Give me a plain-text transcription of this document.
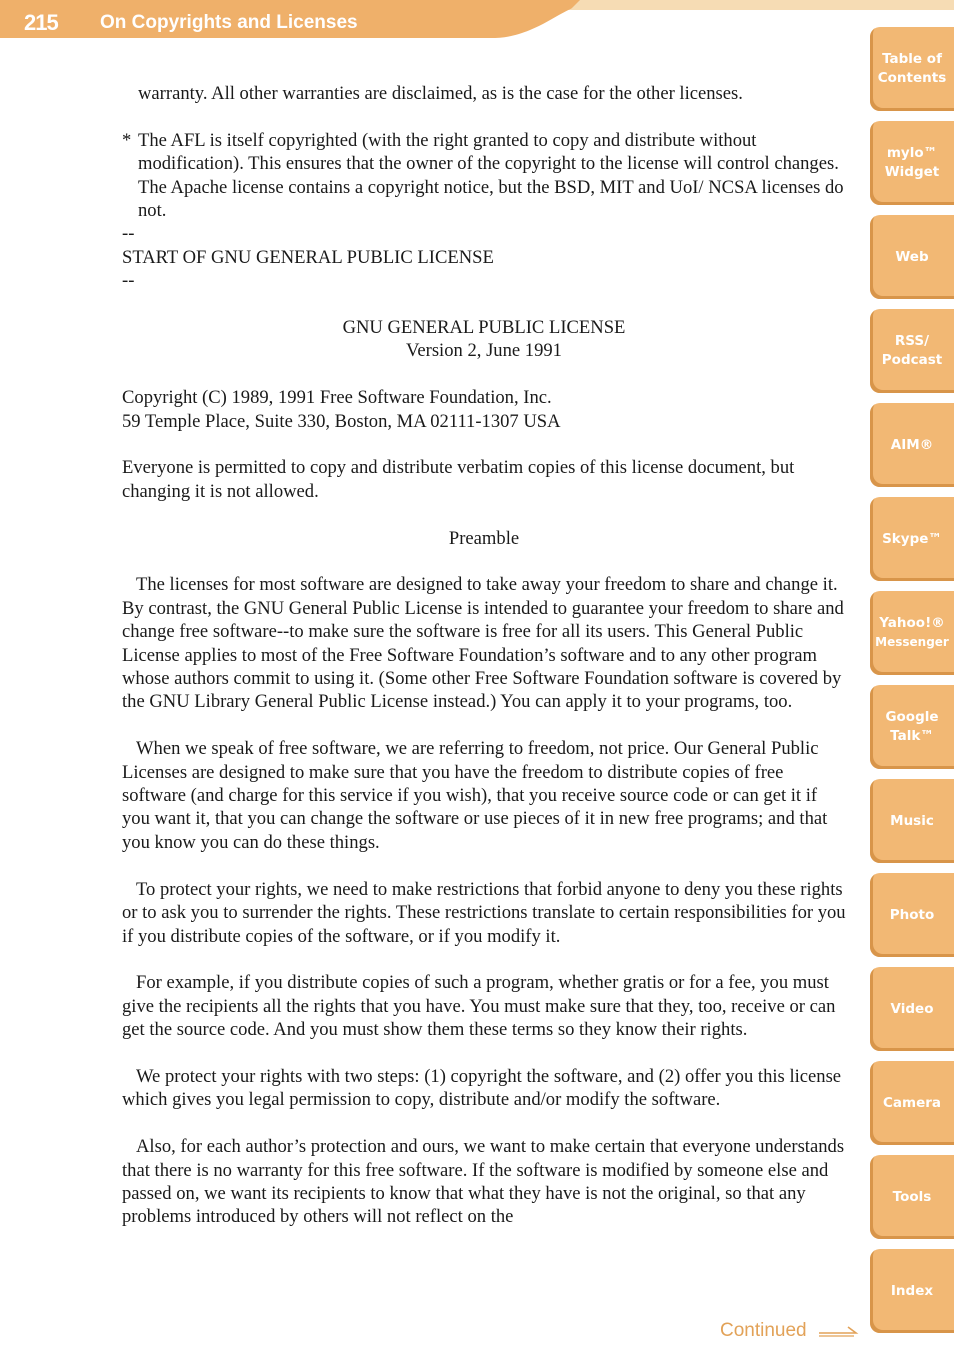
215 On Copyrights and Licenses

warranty. All other warranties are disclaimed, as is the case for the other licenses.

* The AFL is itself copyrighted (with the right granted to copy and distribute without modification). This ensures that the owner of the copyright to the license will control changes. The Apache license contains a copyright notice, but the BSD, MIT and UoI/ NCSA licenses do not.

--

START OF GNU GENERAL PUBLIC LICENSE

--

GNU GENERAL PUBLIC LICENSE

Version 2, June 1991

Copyright (C) 1989, 1991 Free Software Foundation, Inc.

59 Temple Place, Suite 330, Boston, MA 02111-1307 USA

Everyone is permitted to copy and distribute verbatim copies of this license document, but changing it is not allowed.

Preamble

The licenses for most software are designed to take away your freedom to share and change it. By contrast, the GNU General Public License is intended to guarantee your freedom to share and change free software--to make sure the software is free for all its users. This General Public License applies to most of the Free Software Foundation’s software and to any other program whose authors commit to using it. (Some other Free Software Foundation software is covered by the GNU Library General Public License instead.) You can apply it to your programs, too.

When we speak of free software, we are referring to freedom, not price. Our General Public Licenses are designed to make sure that you have the freedom to distribute copies of free software (and charge for this service if you wish), that you receive source code or can get it if you want it, that you can change the software or use pieces of it in new free programs; and that you know you can do these things.

To protect your rights, we need to make restrictions that forbid anyone to deny you these rights or to ask you to surrender the rights. These restrictions translate to certain responsibilities for you if you distribute copies of the software, or if you modify it.

For example, if you distribute copies of such a program, whether gratis or for a fee, you must give the recipients all the rights that you have. You must make sure that they, too, receive or can get the source code. And you must show them these terms so they know their rights.

We protect your rights with two steps: (1) copyright the software, and (2) offer you this license which gives you legal permission to copy, distribute and/or modify the software.

Also, for each author’s protection and ours, we want to make certain that everyone understands that there is no warranty for this free software. If the software is modified by someone else and passed on, we want its recipients to know that what they have is not the original, so that any problems introduced by others will not reflect on the

Table of
Contents
mylo™
Widget
Web
RSS/
Podcast
AIM®
Skype™
Yahoo!®
Messenger
Google
Talk™
Music
Photo
Video
Camera
Tools
Index
Continued
